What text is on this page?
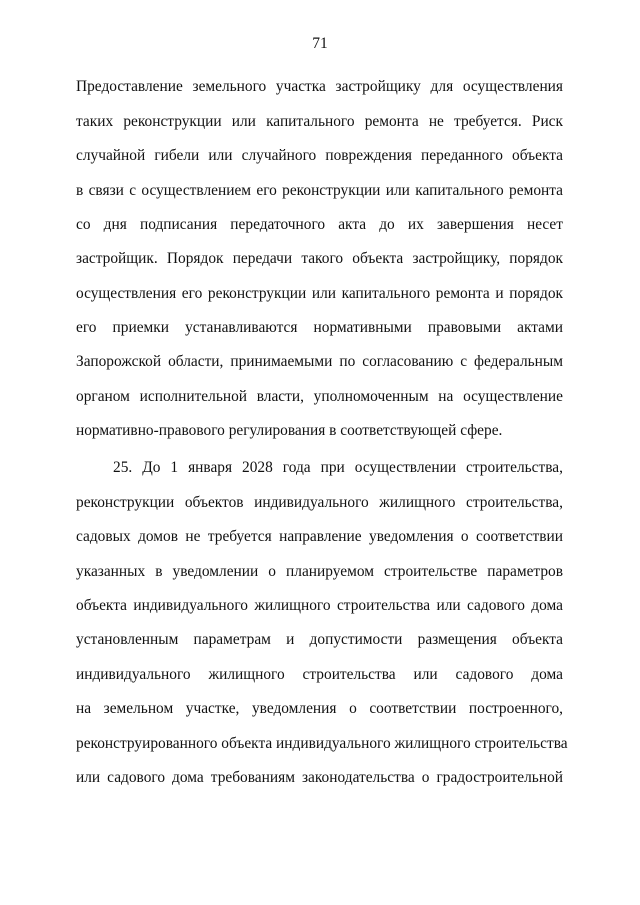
71
Предоставление земельного участка застройщику для осуществления
таких реконструкции или капитального ремонта не требуется. Риск
случайной гибели или случайного повреждения переданного объекта
в связи с осуществлением его реконструкции или капитального ремонта
со дня подписания передаточного акта до их завершения несет
застройщик. Порядок передачи такого объекта застройщику, порядок
осуществления его реконструкции или капитального ремонта и порядок
его приемки устанавливаются нормативными правовыми актами
Запорожской области, принимаемыми по согласованию с федеральным
органом исполнительной власти, уполномоченным на осуществление
нормативно-правового регулирования в соответствующей сфере.
25. До 1 января 2028 года при осуществлении строительства,
реконструкции объектов индивидуального жилищного строительства,
садовых домов не требуется направление уведомления о соответствии
указанных в уведомлении о планируемом строительстве параметров
объекта индивидуального жилищного строительства или садового дома
установленным параметрам и допустимости размещения объекта
индивидуального жилищного строительства или садового дома
на земельном участке, уведомления о соответствии построенного,
реконструированного объекта индивидуального жилищного строительства
или садового дома требованиям законодательства о градостроительной
